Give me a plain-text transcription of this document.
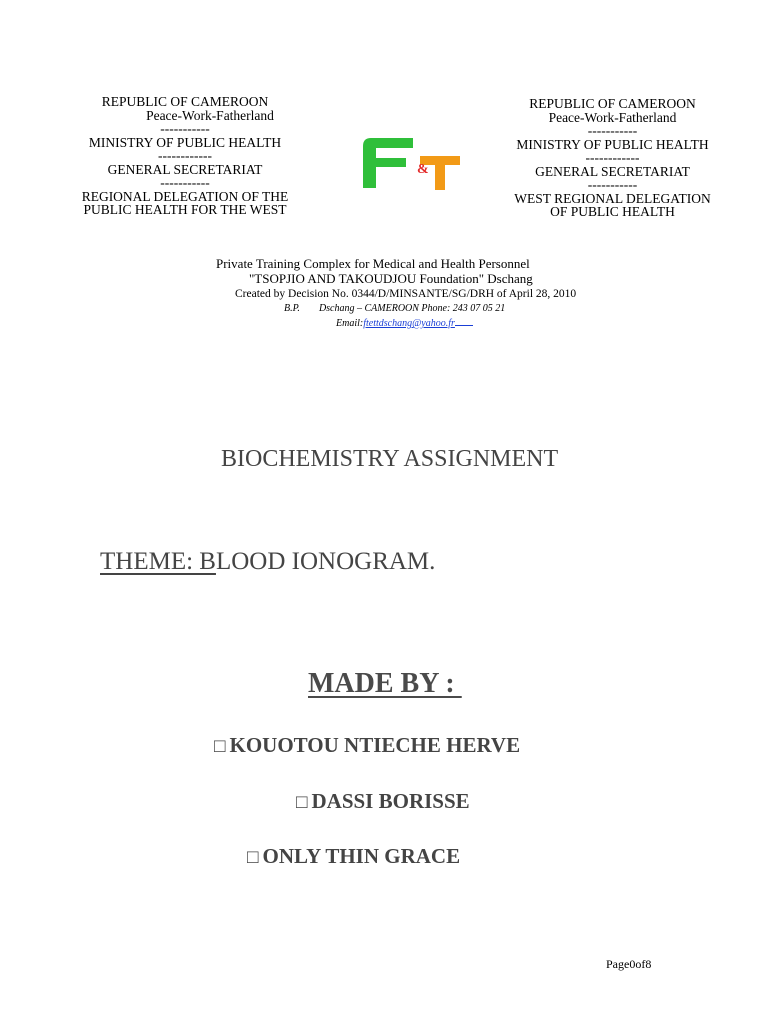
REPUBLIC OF CAMEROON
Peace-Work-Fatherland
-----------
MINISTRY OF PUBLIC HEALTH
------------
GENERAL SECRETARIAT
-----------
REGIONAL DELEGATION OF THE
PUBLIC HEALTH FOR THE WEST
REPUBLIC OF CAMEROON
Peace-Work-Fatherland
-----------
MINISTRY OF PUBLIC HEALTH
------------
GENERAL SECRETARIAT
-----------
WEST REGIONAL DELEGATION
OF PUBLIC HEALTH
&
Private Training Complex for Medical and Health Personnel
"TSOPJIO AND TAKOUDJOU Foundation" Dschang
Created by Decision No. 0344/D/MINSANTE/SG/DRH of April 28, 2010
B.P. Dschang – CAMEROON Phone: 243 07 05 21
Email:ftettdschang@yahoo.fr
BIOCHEMISTRY ASSIGNMENT
THEME: BLOOD IONOGRAM.
MADE BY :
□ KOUOTOU NTIECHE HERVE
□ DASSI BORISSE
□ ONLY THIN GRACE
Page0of8
